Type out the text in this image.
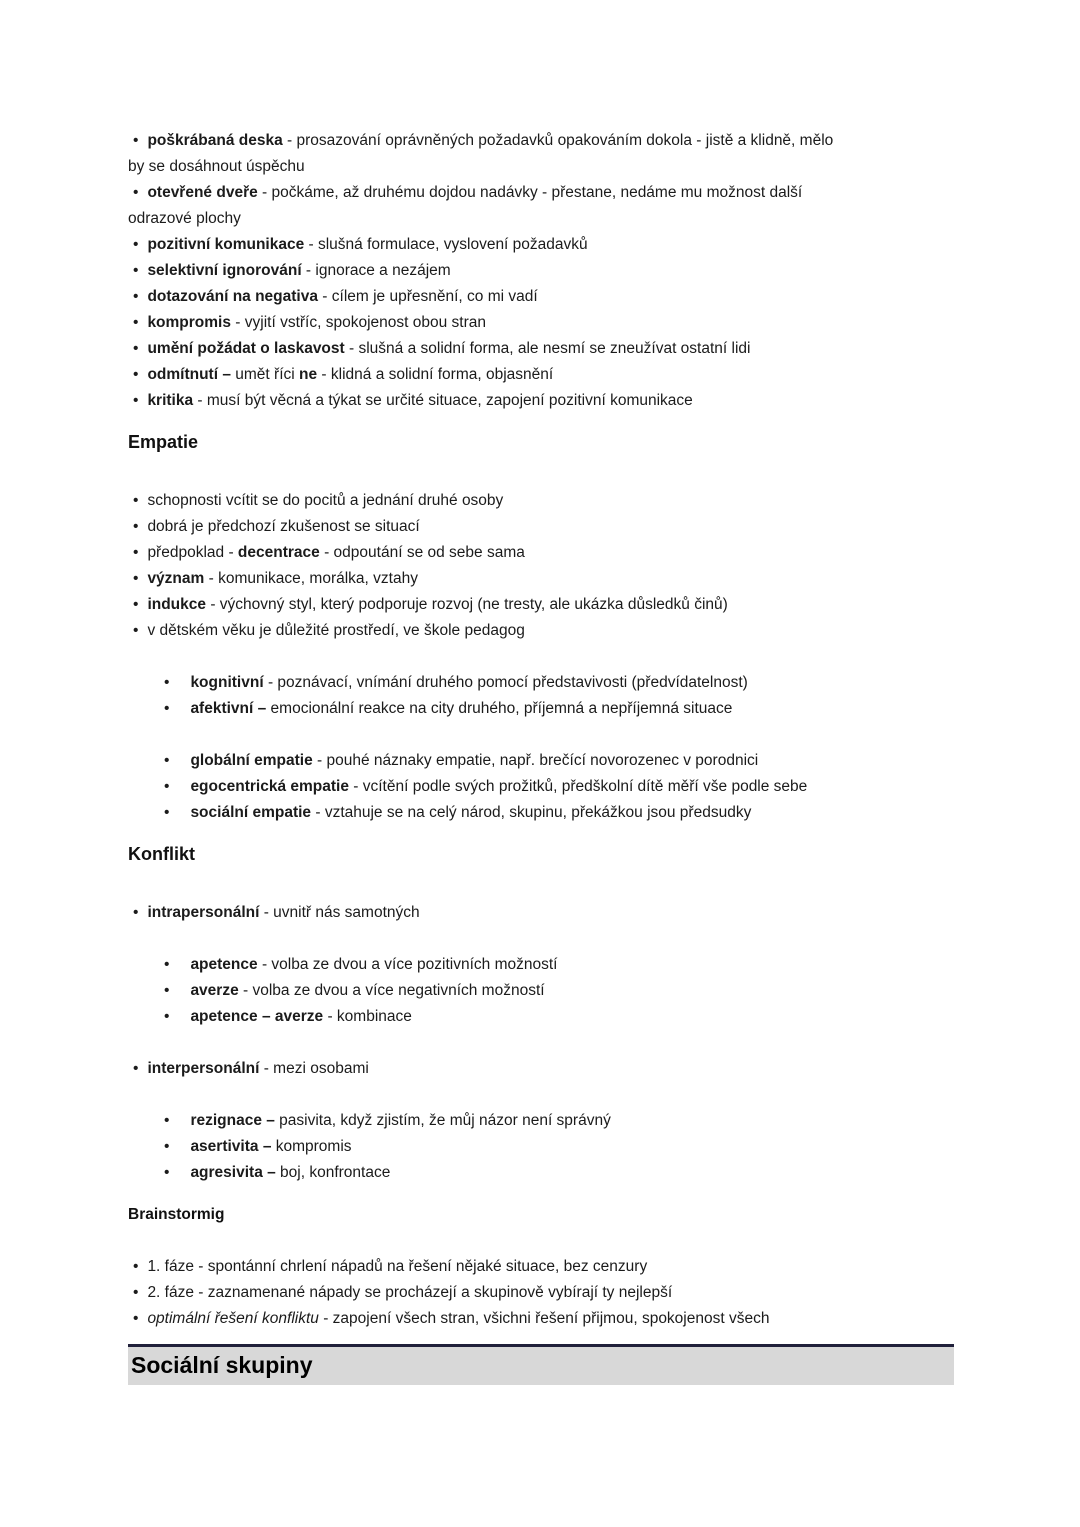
• poškrábaná deska - prosazování oprávněných požadavků opakováním dokola - jistě a klidně, mělo
by se dosáhnout úspěchu
• otevřené dveře - počkáme, až druhému dojdou nadávky - přestane, nedáme mu možnost další
odrazové plochy
• pozitivní komunikace - slušná formulace, vyslovení požadavků
• selektivní ignorování - ignorace a nezájem
• dotazování na negativa - cílem je upřesnění, co mi vadí
• kompromis - vyjití vstříc, spokojenost obou stran
• umění požádat o laskavost - slušná a solidní forma, ale nesmí se zneužívat ostatní lidi
• odmítnutí – umět říci ne - klidná a solidní forma, objasnění
• kritika - musí být věcná a týkat se určité situace, zapojení pozitivní komunikace
Empatie
• schopnosti vcítit se do pocitů a jednání druhé osoby
• dobrá je předchozí zkušenost se situací
• předpoklad - decentrace - odpoutání se od sebe sama
• význam - komunikace, morálka, vztahy
• indukce - výchovný styl, který podporuje rozvoj (ne tresty, ale ukázka důsledků činů)
• v dětském věku je důležité prostředí, ve škole pedagog
• kognitivní - poznávací, vnímání druhého pomocí představivosti (předvídatelnost)
• afektivní – emocionální reakce na city druhého, příjemná a nepříjemná situace
• globální empatie - pouhé náznaky empatie, např. brečící novorozenec v porodnici
• egocentrická empatie - vcítění podle svých prožitků, předškolní dítě měří vše podle sebe
• sociální empatie - vztahuje se na celý národ, skupinu, překážkou jsou předsudky
Konflikt
• intrapersonální - uvnitř nás samotných
• apetence - volba ze dvou a více pozitivních možností
• averze - volba ze dvou a více negativních možností
• apetence – averze - kombinace
• interpersonální - mezi osobami
• rezignace – pasivita, když zjistím, že můj názor není správný
• asertivita – kompromis
• agresivita – boj, konfrontace
Brainstormig
• 1. fáze - spontánní chrlení nápadů na řešení nějaké situace, bez cenzury
• 2. fáze - zaznamenané nápady se procházejí a skupinově vybírají ty nejlepší
• optimální řešení konfliktu - zapojení všech stran, všichni řešení přijmou, spokojenost všech
Sociální skupiny
